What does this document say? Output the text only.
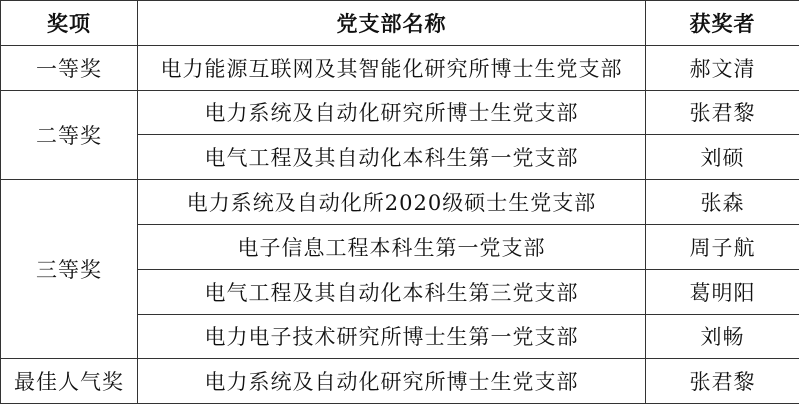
奖项	党支部名称	获奖者
一等奖	电力能源互联网及其智能化研究所博士生党支部	郝文清
二等奖	电力系统及自动化研究所博士生党支部	张君黎
	电气工程及其自动化本科生第一党支部	刘硕
三等奖	电力系统及自动化所2020级硕士生党支部	张森
	电子信息工程本科生第一党支部	周子航
	电气工程及其自动化本科生第三党支部	葛明阳
	电力电子技术研究所博士生第一党支部	刘畅
最佳人气奖	电力系统及自动化研究所博士生党支部	张君黎
